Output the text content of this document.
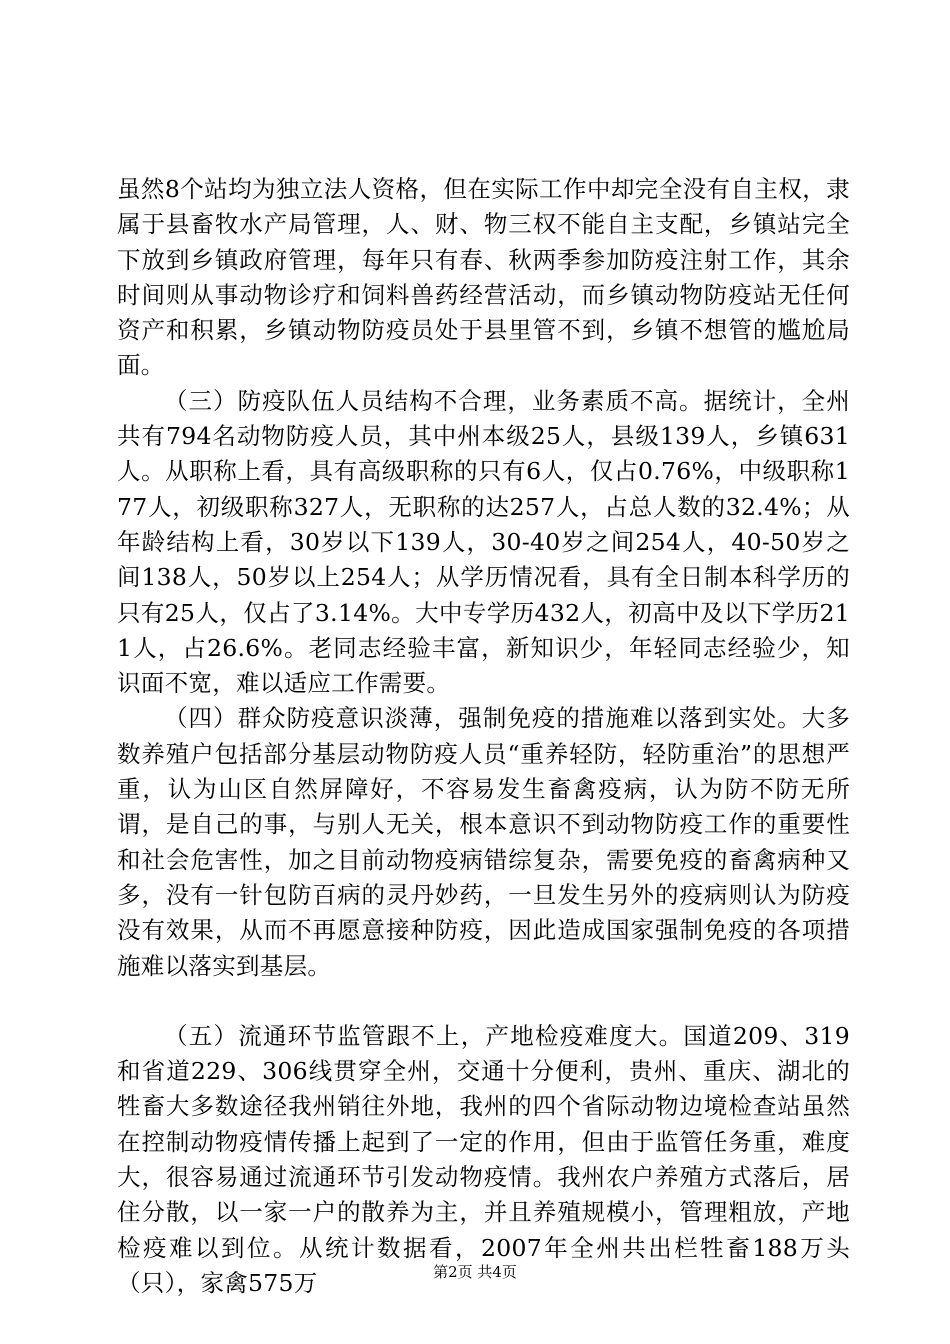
虽然8个站均为独立法人资格，但在实际工作中却完全没有自主权，隶属于县畜牧水产局管理，人、财、物三权不能自主支配，乡镇站完全下放到乡镇政府管理，每年只有春、秋两季参加防疫注射工作，其余时间则从事动物诊疗和饲料兽药经营活动，而乡镇动物防疫站无任何资产和积累，乡镇动物防疫员处于县里管不到，乡镇不想管的尴尬局面。

（三）防疫队伍人员结构不合理，业务素质不高。据统计，全州共有794名动物防疫人员，其中州本级25人，县级139人，乡镇631人。从职称上看，具有高级职称的只有6人，仅占0.76%，中级职称177人，初级职称327人，无职称的达257人，占总人数的32.4%；从年龄结构上看，30岁以下139人，30-40岁之间254人，40-50岁之间138人，50岁以上254人；从学历情况看，具有全日制本科学历的只有25人，仅占了3.14%。大中专学历432人，初高中及以下学历211人，占26.6%。老同志经验丰富，新知识少，年轻同志经验少，知识面不宽，难以适应工作需要。

（四）群众防疫意识淡薄，强制免疫的措施难以落到实处。大多数养殖户包括部分基层动物防疫人员“重养轻防，轻防重治”的思想严重，认为山区自然屏障好，不容易发生畜禽疫病，认为防不防无所谓，是自己的事，与别人无关，根本意识不到动物防疫工作的重要性和社会危害性，加之目前动物疫病错综复杂，需要免疫的畜禽病种又多，没有一针包防百病的灵丹妙药，一旦发生另外的疫病则认为防疫没有效果，从而不再愿意接种防疫，因此造成国家强制免疫的各项措施难以落实到基层。

（五）流通环节监管跟不上，产地检疫难度大。国道209、319和省道229、306线贯穿全州，交通十分便利，贵州、重庆、湖北的牲畜大多数途径我州销往外地，我州的四个省际动物边境检查站虽然在控制动物疫情传播上起到了一定的作用，但由于监管任务重，难度大，很容易通过流通环节引发动物疫情。我州农户养殖方式落后，居住分散，以一家一户的散养为主，并且养殖规模小，管理粗放，产地检疫难以到位。从统计数据看，2007年全州共出栏牲畜188万头（只），家禽575万	第2页 共4页
